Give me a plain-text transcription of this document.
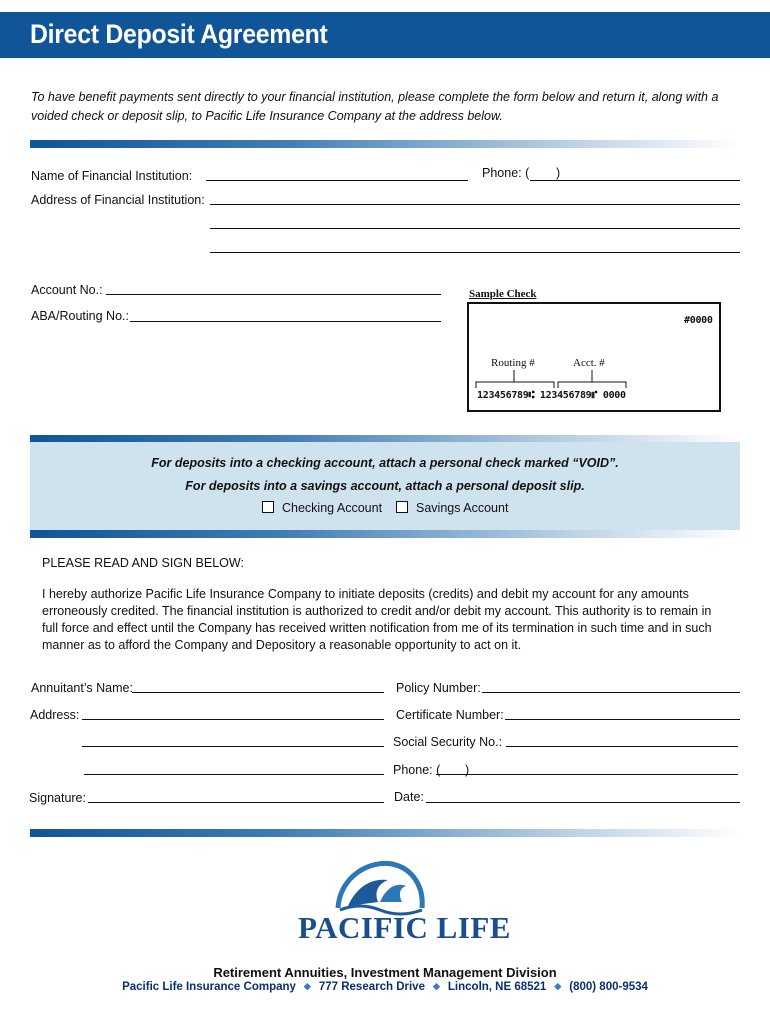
Direct Deposit Agreement
To have benefit payments sent directly to your financial institution, please complete the form below and return it, along with a voided check or deposit slip, to Pacific Life Insurance Company at the address below.
Name of Financial Institution:	Phone: ( )
Address of Financial Institution:
Account No.:
ABA/Routing No.:
Sample Check
#0000
Routing #	Acct. #
123456789⑆ 123456789⑈ 0000
For deposits into a checking account, attach a personal check marked “VOID”.
For deposits into a savings account, attach a personal deposit slip.
Checking Account	Savings Account
PLEASE READ AND SIGN BELOW:
I hereby authorize Pacific Life Insurance Company to initiate deposits (credits) and debit my account for any amounts erroneously credited. The financial institution is authorized to credit and/or debit my account. This authority is to remain in full force and effect until the Company has received written notification from me of its termination in such time and in such manner as to afford the Company and Depository a reasonable opportunity to act on it.
Annuitant’s Name:	Policy Number:
Address:	Certificate Number:
Social Security No.:
Phone: ( )
Signature:	Date:
PACIFIC LIFE
Retirement Annuities, Investment Management Division
Pacific Life Insurance Company ◆ 777 Research Drive ◆ Lincoln, NE 68521 ◆ (800) 800-9534
